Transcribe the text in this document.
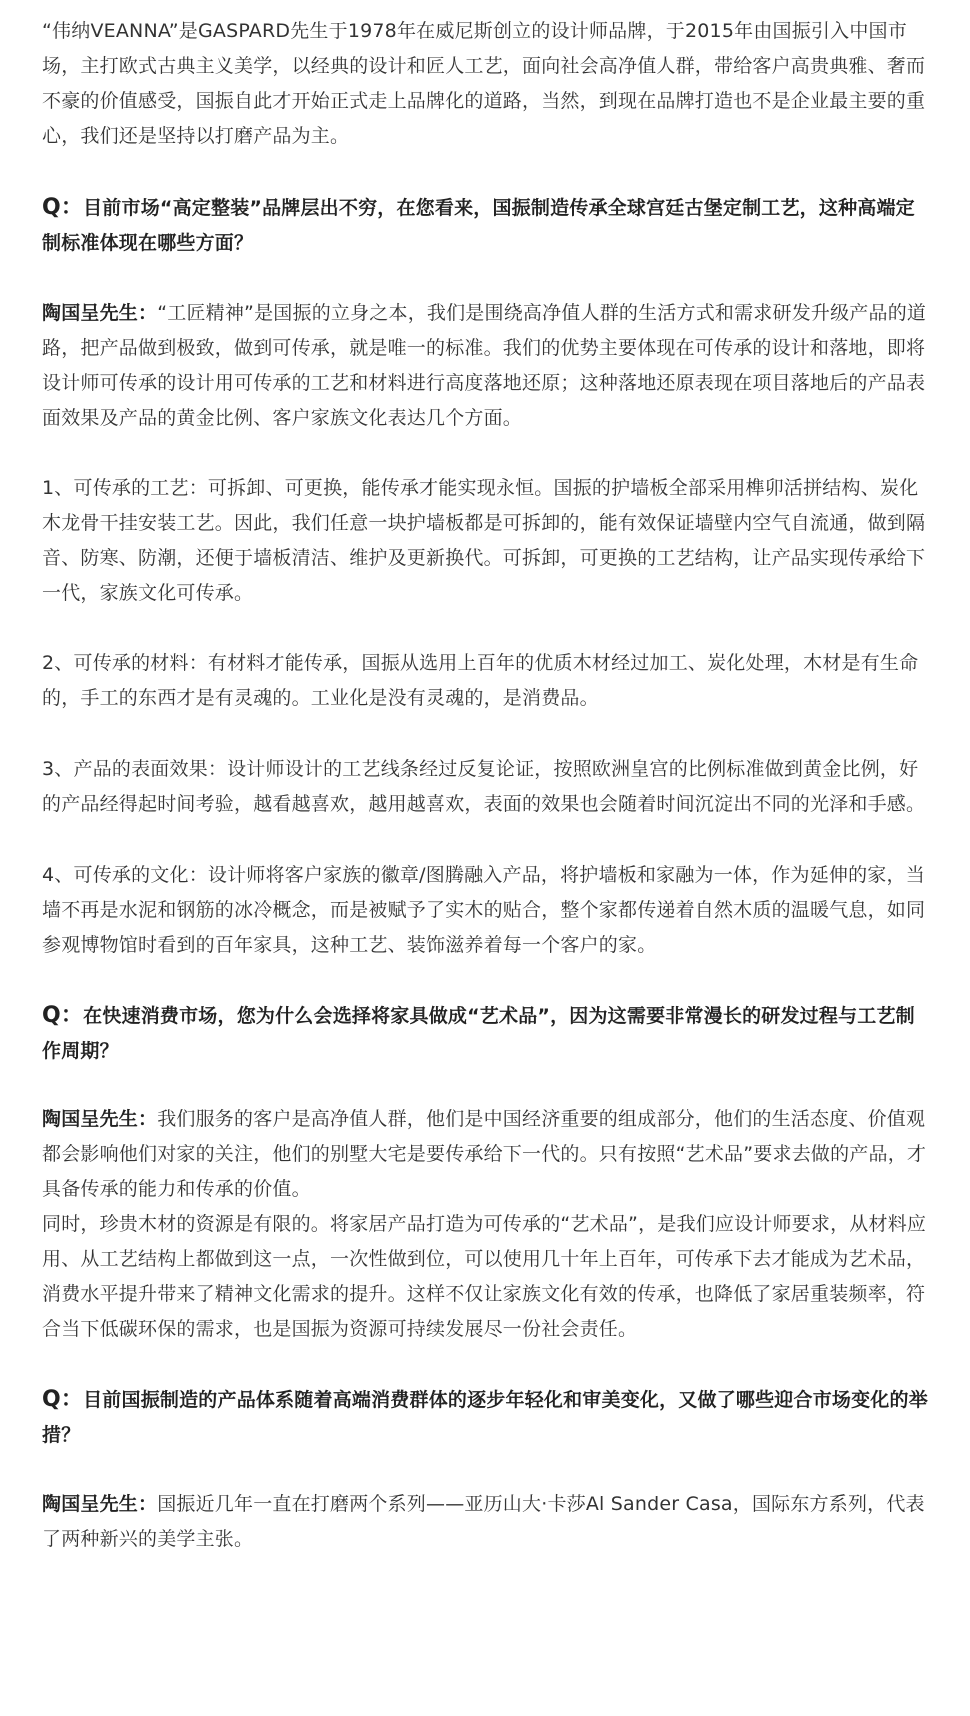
“伟纳VEANNA”是GASPARD先生于1978年在威尼斯创立的设计师品牌，于2015年由国振引入中国市场，主打欧式古典主义美学，以经典的设计和匠人工艺，面向社会高净值人群，带给客户高贵典雅、奢而不豪的价值感受，国振自此才开始正式走上品牌化的道路，当然，到现在品牌打造也不是企业最主要的重心，我们还是坚持以打磨产品为主。

Q：目前市场“高定整装”品牌层出不穷，在您看来，国振制造传承全球宫廷古堡定制工艺，这种高端定制标准体现在哪些方面？

陶国呈先生：“工匠精神”是国振的立身之本，我们是围绕高净值人群的生活方式和需求研发升级产品的道路，把产品做到极致，做到可传承，就是唯一的标准。我们的优势主要体现在可传承的设计和落地，即将设计师可传承的设计用可传承的工艺和材料进行高度落地还原；这种落地还原表现在项目落地后的产品表面效果及产品的黄金比例、客户家族文化表达几个方面。

1、可传承的工艺：可拆卸、可更换，能传承才能实现永恒。国振的护墙板全部采用榫卯活拼结构、炭化木龙骨干挂安装工艺。因此，我们任意一块护墙板都是可拆卸的，能有效保证墙壁内空气自流通，做到隔音、防寒、防潮，还便于墙板清洁、维护及更新换代。可拆卸，可更换的工艺结构，让产品实现传承给下一代，家族文化可传承。

2、可传承的材料：有材料才能传承，国振从选用上百年的优质木材经过加工、炭化处理，木材是有生命的，手工的东西才是有灵魂的。工业化是没有灵魂的，是消费品。

3、产品的表面效果：设计师设计的工艺线条经过反复论证，按照欧洲皇宫的比例标准做到黄金比例，好的产品经得起时间考验，越看越喜欢，越用越喜欢，表面的效果也会随着时间沉淀出不同的光泽和手感。

4、可传承的文化：设计师将客户家族的徽章/图腾融入产品，将护墙板和家融为一体，作为延伸的家，当墙不再是水泥和钢筋的冰冷概念，而是被赋予了实木的贴合，整个家都传递着自然木质的温暖气息，如同参观博物馆时看到的百年家具，这种工艺、装饰滋养着每一个客户的家。

Q：在快速消费市场，您为什么会选择将家具做成“艺术品”，因为这需要非常漫长的研发过程与工艺制作周期？

陶国呈先生：我们服务的客户是高净值人群，他们是中国经济重要的组成部分，他们的生活态度、价值观都会影响他们对家的关注，他们的别墅大宅是要传承给下一代的。只有按照“艺术品”要求去做的产品，才具备传承的能力和传承的价值。

同时，珍贵木材的资源是有限的。将家居产品打造为可传承的“艺术品”，是我们应设计师要求，从材料应用、从工艺结构上都做到这一点，一次性做到位，可以使用几十年上百年，可传承下去才能成为艺术品，消费水平提升带来了精神文化需求的提升。这样不仅让家族文化有效的传承，也降低了家居重装频率，符合当下低碳环保的需求，也是国振为资源可持续发展尽一份社会责任。

Q：目前国振制造的产品体系随着高端消费群体的逐步年轻化和审美变化，又做了哪些迎合市场变化的举措？

陶国呈先生：国振近几年一直在打磨两个系列——亚历山大·卡莎Al Sander Casa，国际东方系列，代表了两种新兴的美学主张。
